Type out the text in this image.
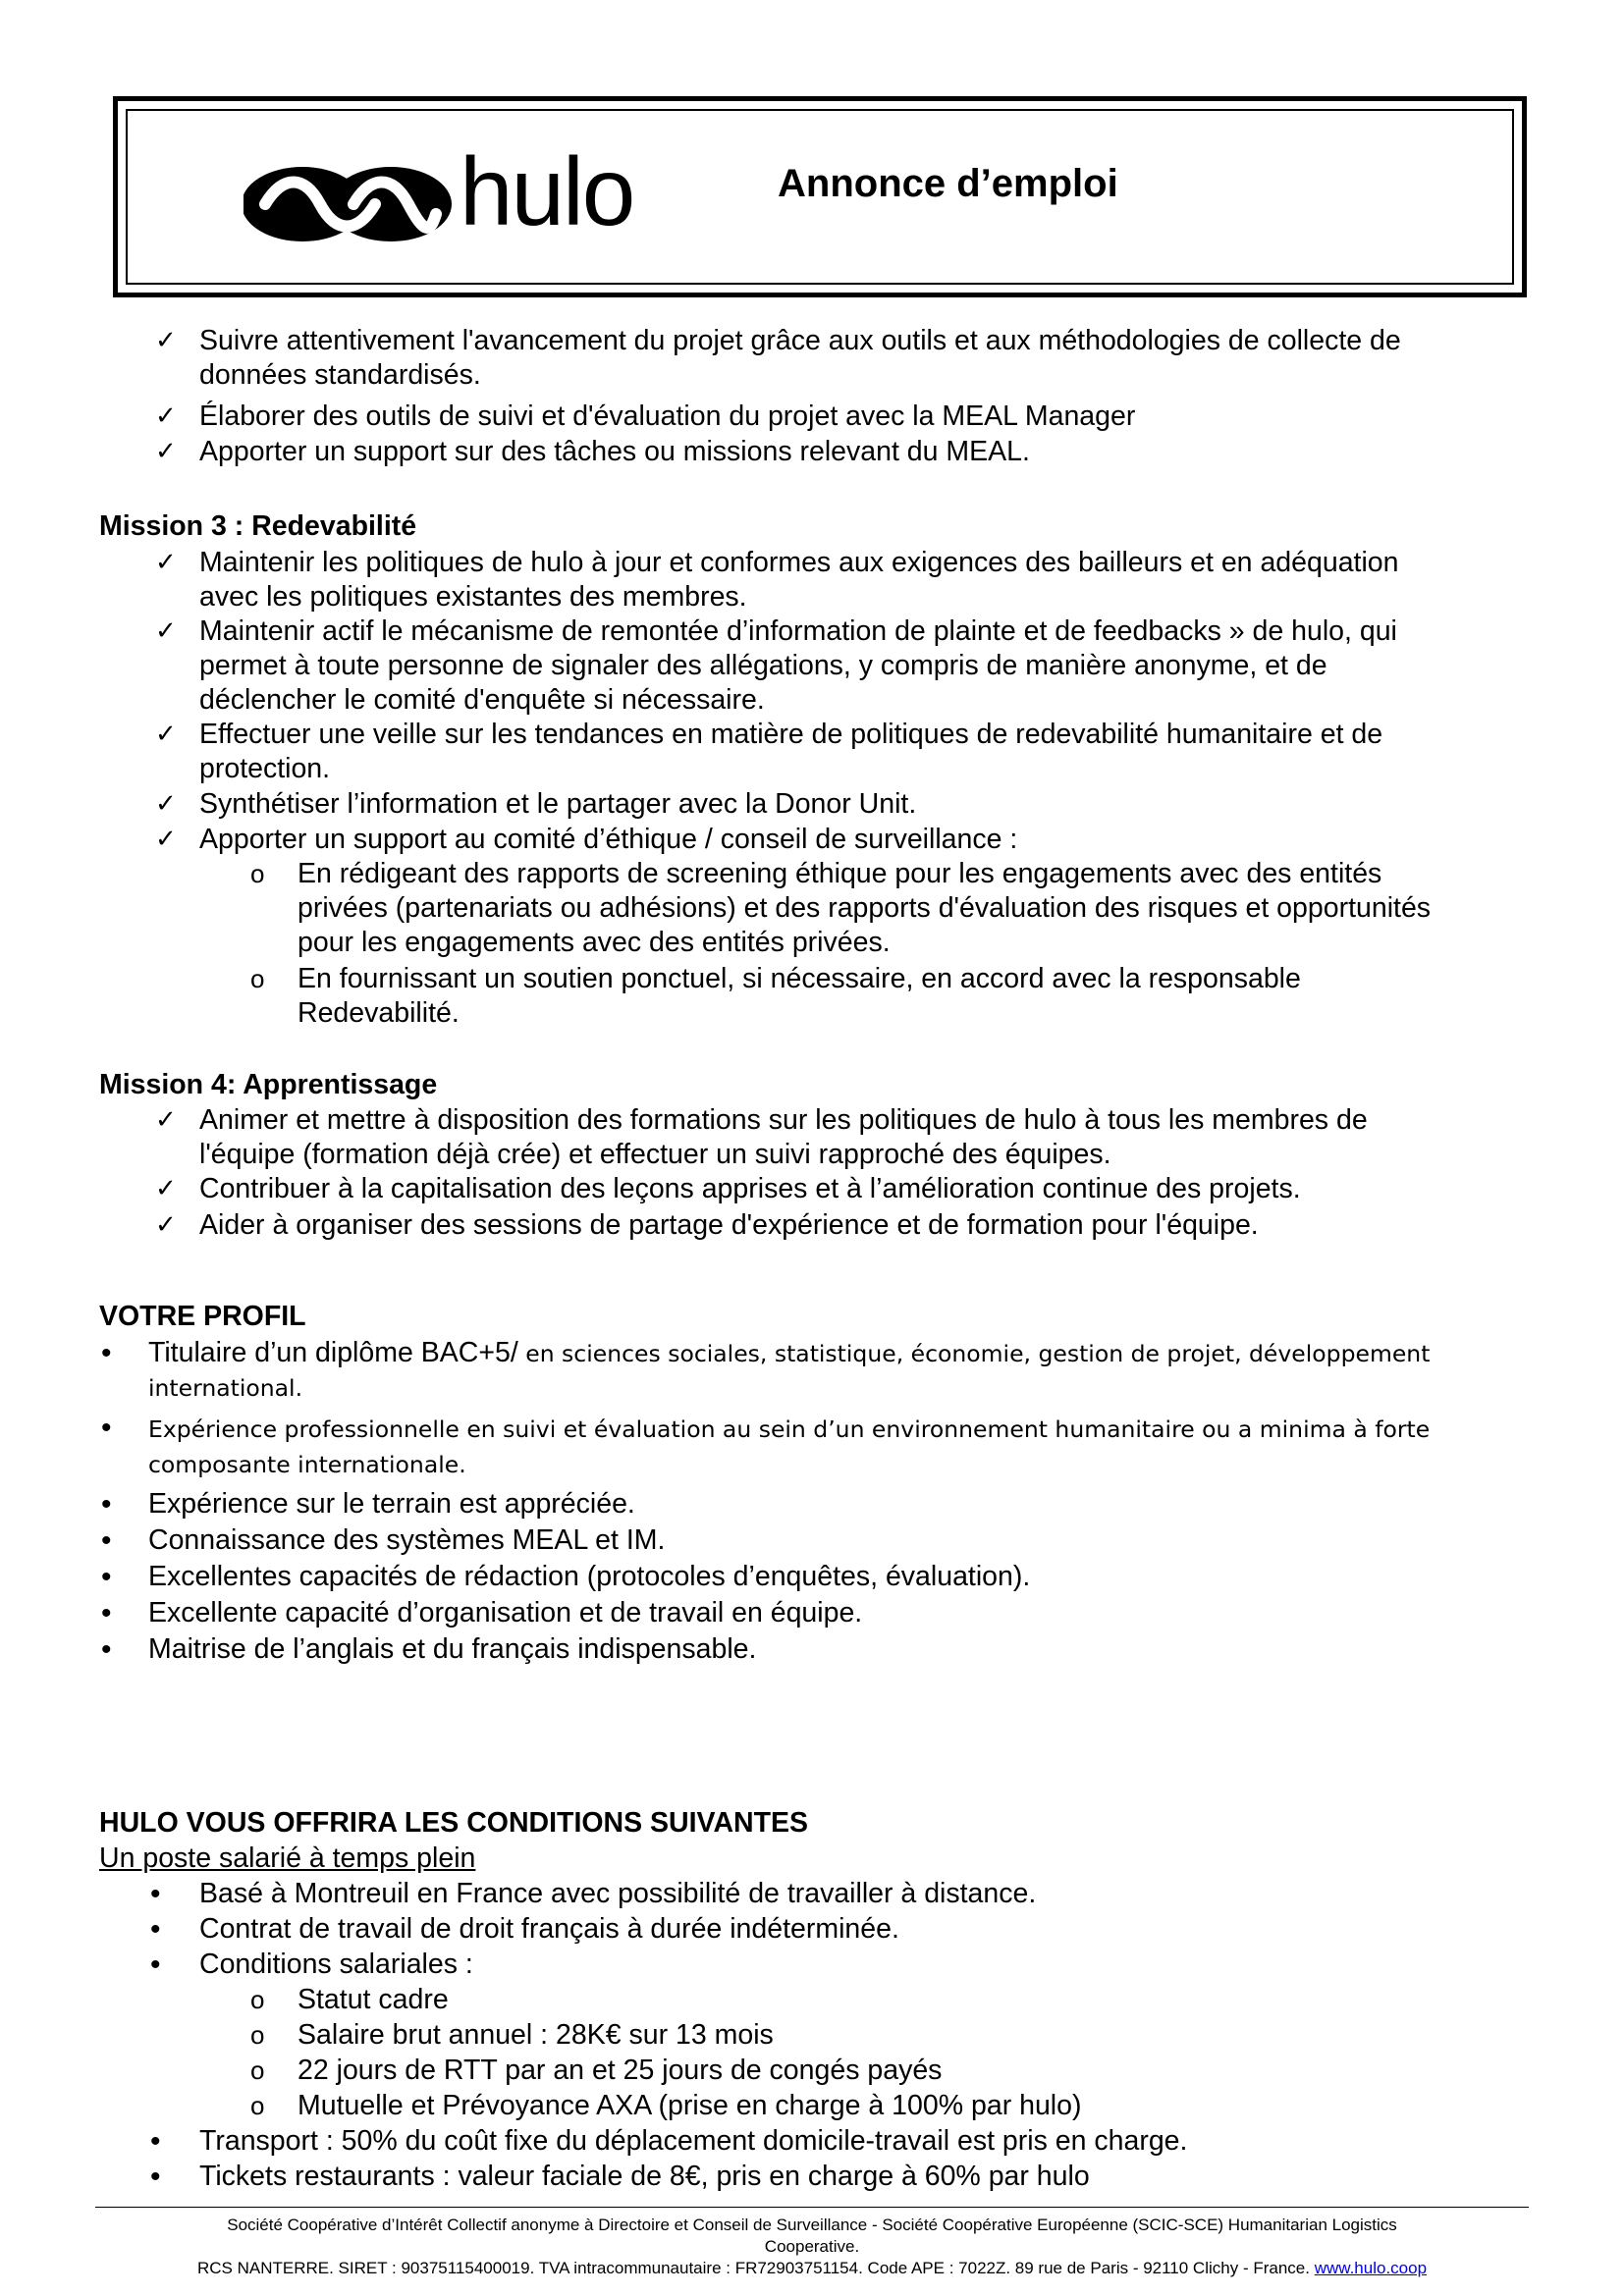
hulo	Annonce d’emploi
✓ Suivre attentivement l'avancement du projet grâce aux outils et aux méthodologies de collecte de
données standardisés.
✓ Élaborer des outils de suivi et d'évaluation du projet avec la MEAL Manager
✓ Apporter un support sur des tâches ou missions relevant du MEAL.
Mission 3 : Redevabilité
✓ Maintenir les politiques de hulo à jour et conformes aux exigences des bailleurs et en adéquation
avec les politiques existantes des membres.
✓ Maintenir actif le mécanisme de remontée d’information de plainte et de feedbacks » de hulo, qui
permet à toute personne de signaler des allégations, y compris de manière anonyme, et de
déclencher le comité d'enquête si nécessaire.
✓ Effectuer une veille sur les tendances en matière de politiques de redevabilité humanitaire et de
protection.
✓ Synthétiser l’information et le partager avec la Donor Unit.
✓ Apporter un support au comité d’éthique / conseil de surveillance :
o En rédigeant des rapports de screening éthique pour les engagements avec des entités
privées (partenariats ou adhésions) et des rapports d'évaluation des risques et opportunités
pour les engagements avec des entités privées.
o En fournissant un soutien ponctuel, si nécessaire, en accord avec la responsable
Redevabilité.
Mission 4: Apprentissage
✓ Animer et mettre à disposition des formations sur les politiques de hulo à tous les membres de
l'équipe (formation déjà crée) et effectuer un suivi rapproché des équipes.
✓ Contribuer à la capitalisation des leçons apprises et à l’amélioration continue des projets.
✓ Aider à organiser des sessions de partage d'expérience et de formation pour l'équipe.
VOTRE PROFIL
• Titulaire d’un diplôme BAC+5/ en sciences sociales, statistique, économie, gestion de projet, développement
international.
• Expérience professionnelle en suivi et évaluation au sein d’un environnement humanitaire ou a minima à forte
composante internationale.
• Expérience sur le terrain est appréciée.
• Connaissance des systèmes MEAL et IM.
• Excellentes capacités de rédaction (protocoles d’enquêtes, évaluation).
• Excellente capacité d’organisation et de travail en équipe.
• Maitrise de l’anglais et du français indispensable.
HULO VOUS OFFRIRA LES CONDITIONS SUIVANTES
Un poste salarié à temps plein
• Basé à Montreuil en France avec possibilité de travailler à distance.
• Contrat de travail de droit français à durée indéterminée.
• Conditions salariales :
o Statut cadre
o Salaire brut annuel : 28K€ sur 13 mois
o 22 jours de RTT par an et 25 jours de congés payés
o Mutuelle et Prévoyance AXA (prise en charge à 100% par hulo)
• Transport : 50% du coût fixe du déplacement domicile-travail est pris en charge.
• Tickets restaurants : valeur faciale de 8€, pris en charge à 60% par hulo
Société Coopérative d’Intérêt Collectif anonyme à Directoire et Conseil de Surveillance - Société Coopérative Européenne (SCIC-SCE) Humanitarian Logistics
Cooperative.
RCS NANTERRE. SIRET : 90375115400019. TVA intracommunautaire : FR72903751154. Code APE : 7022Z. 89 rue de Paris - 92110 Clichy - France. www.hulo.coop
